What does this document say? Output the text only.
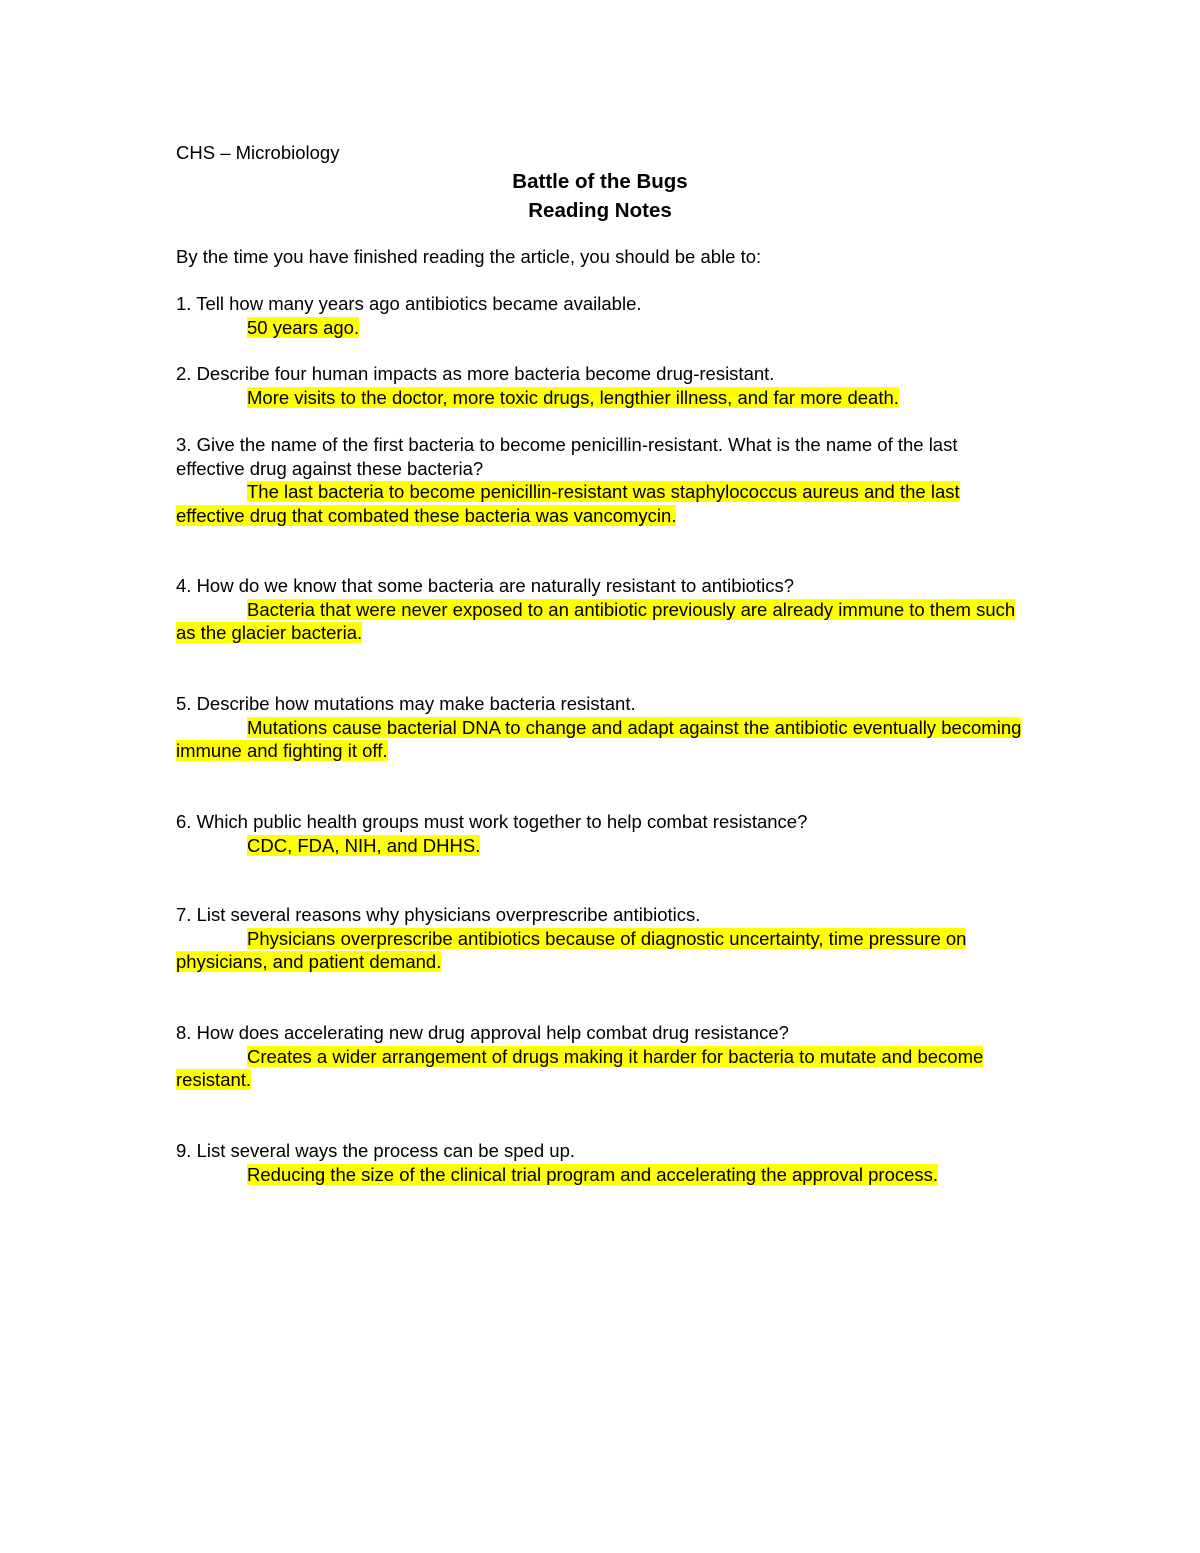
CHS – Microbiology
Battle of the Bugs
Reading Notes
By the time you have finished reading the article, you should be able to:

1. Tell how many years ago antibiotics became available.

50 years ago.

2. Describe four human impacts as more bacteria become drug-resistant.

More visits to the doctor, more toxic drugs, lengthier illness, and far more death.

3. Give the name of the first bacteria to become penicillin-resistant. What is the name of the last effective drug against these bacteria?

The last bacteria to become penicillin-resistant was staphylococcus aureus and the last effective drug that combated these bacteria was vancomycin.

4. How do we know that some bacteria are naturally resistant to antibiotics?

Bacteria that were never exposed to an antibiotic previously are already immune to them such as the glacier bacteria.

5. Describe how mutations may make bacteria resistant.

Mutations cause bacterial DNA to change and adapt against the antibiotic eventually becoming immune and fighting it off.

6. Which public health groups must work together to help combat resistance?

CDC, FDA, NIH, and DHHS.

7. List several reasons why physicians overprescribe antibiotics.

Physicians overprescribe antibiotics because of diagnostic uncertainty, time pressure on physicians, and patient demand.

8. How does accelerating new drug approval help combat drug resistance?

Creates a wider arrangement of drugs making it harder for bacteria to mutate and become resistant.

9. List several ways the process can be sped up.

Reducing the size of the clinical trial program and accelerating the approval process.
